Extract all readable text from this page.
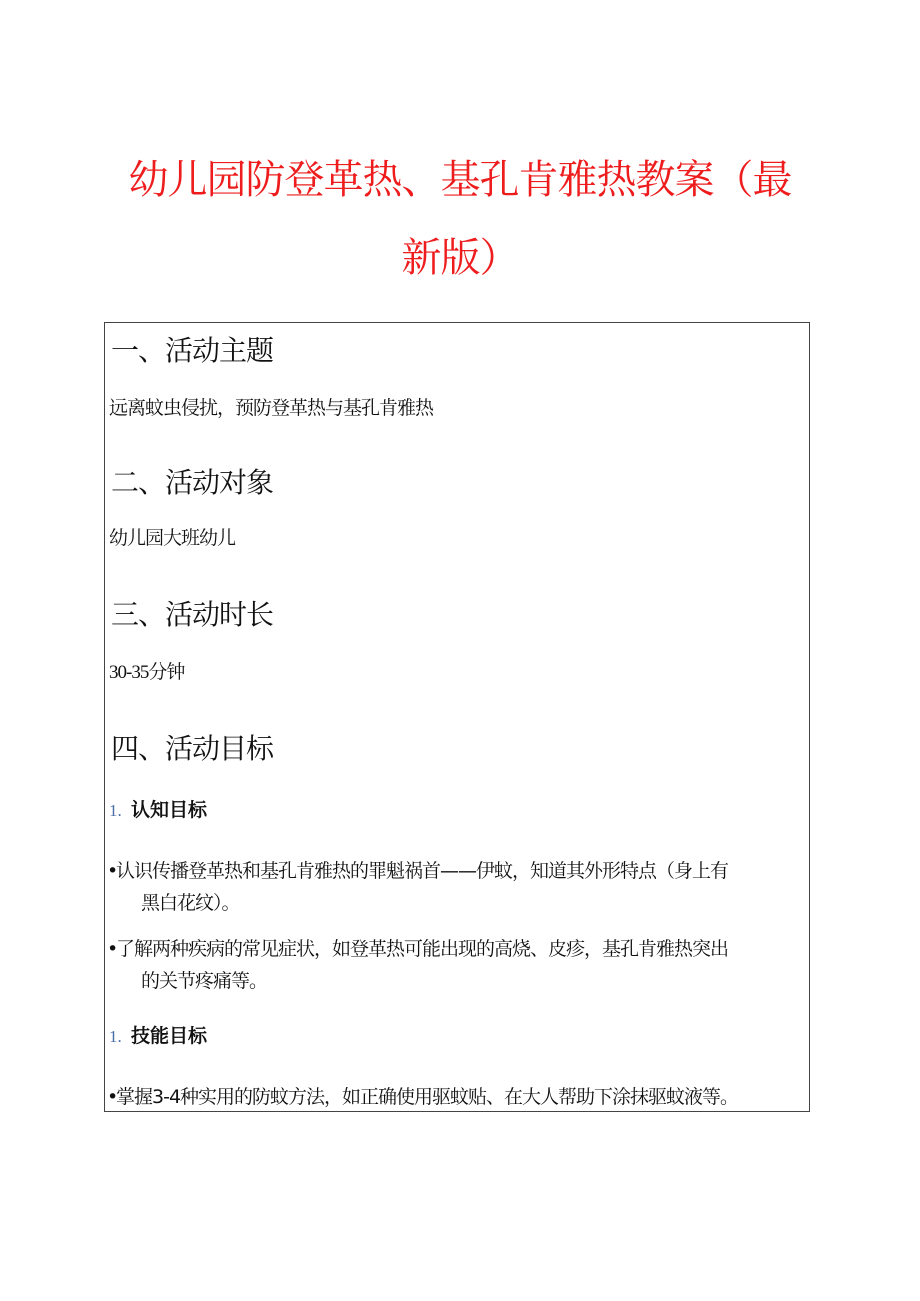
幼儿园防登革热、基孔肯雅热教案（最
新版）
一、活动主题

远离蚊虫侵扰，预防登革热与基孔肯雅热

二、活动对象

幼儿园大班幼儿

三、活动时长

30-35分钟

四、活动目标
1. 认知目标
•认识传播登革热和基孔肯雅热的罪魁祸首——伊蚊，知道其外形特点（身上有
黑白花纹）。
•了解两种疾病的常见症状，如登革热可能出现的高烧、皮疹，基孔肯雅热突出
的关节疼痛等。
1. 技能目标
•掌握3-4种实用的防蚊方法，如正确使用驱蚊贴、在大人帮助下涂抹驱蚊液等。
